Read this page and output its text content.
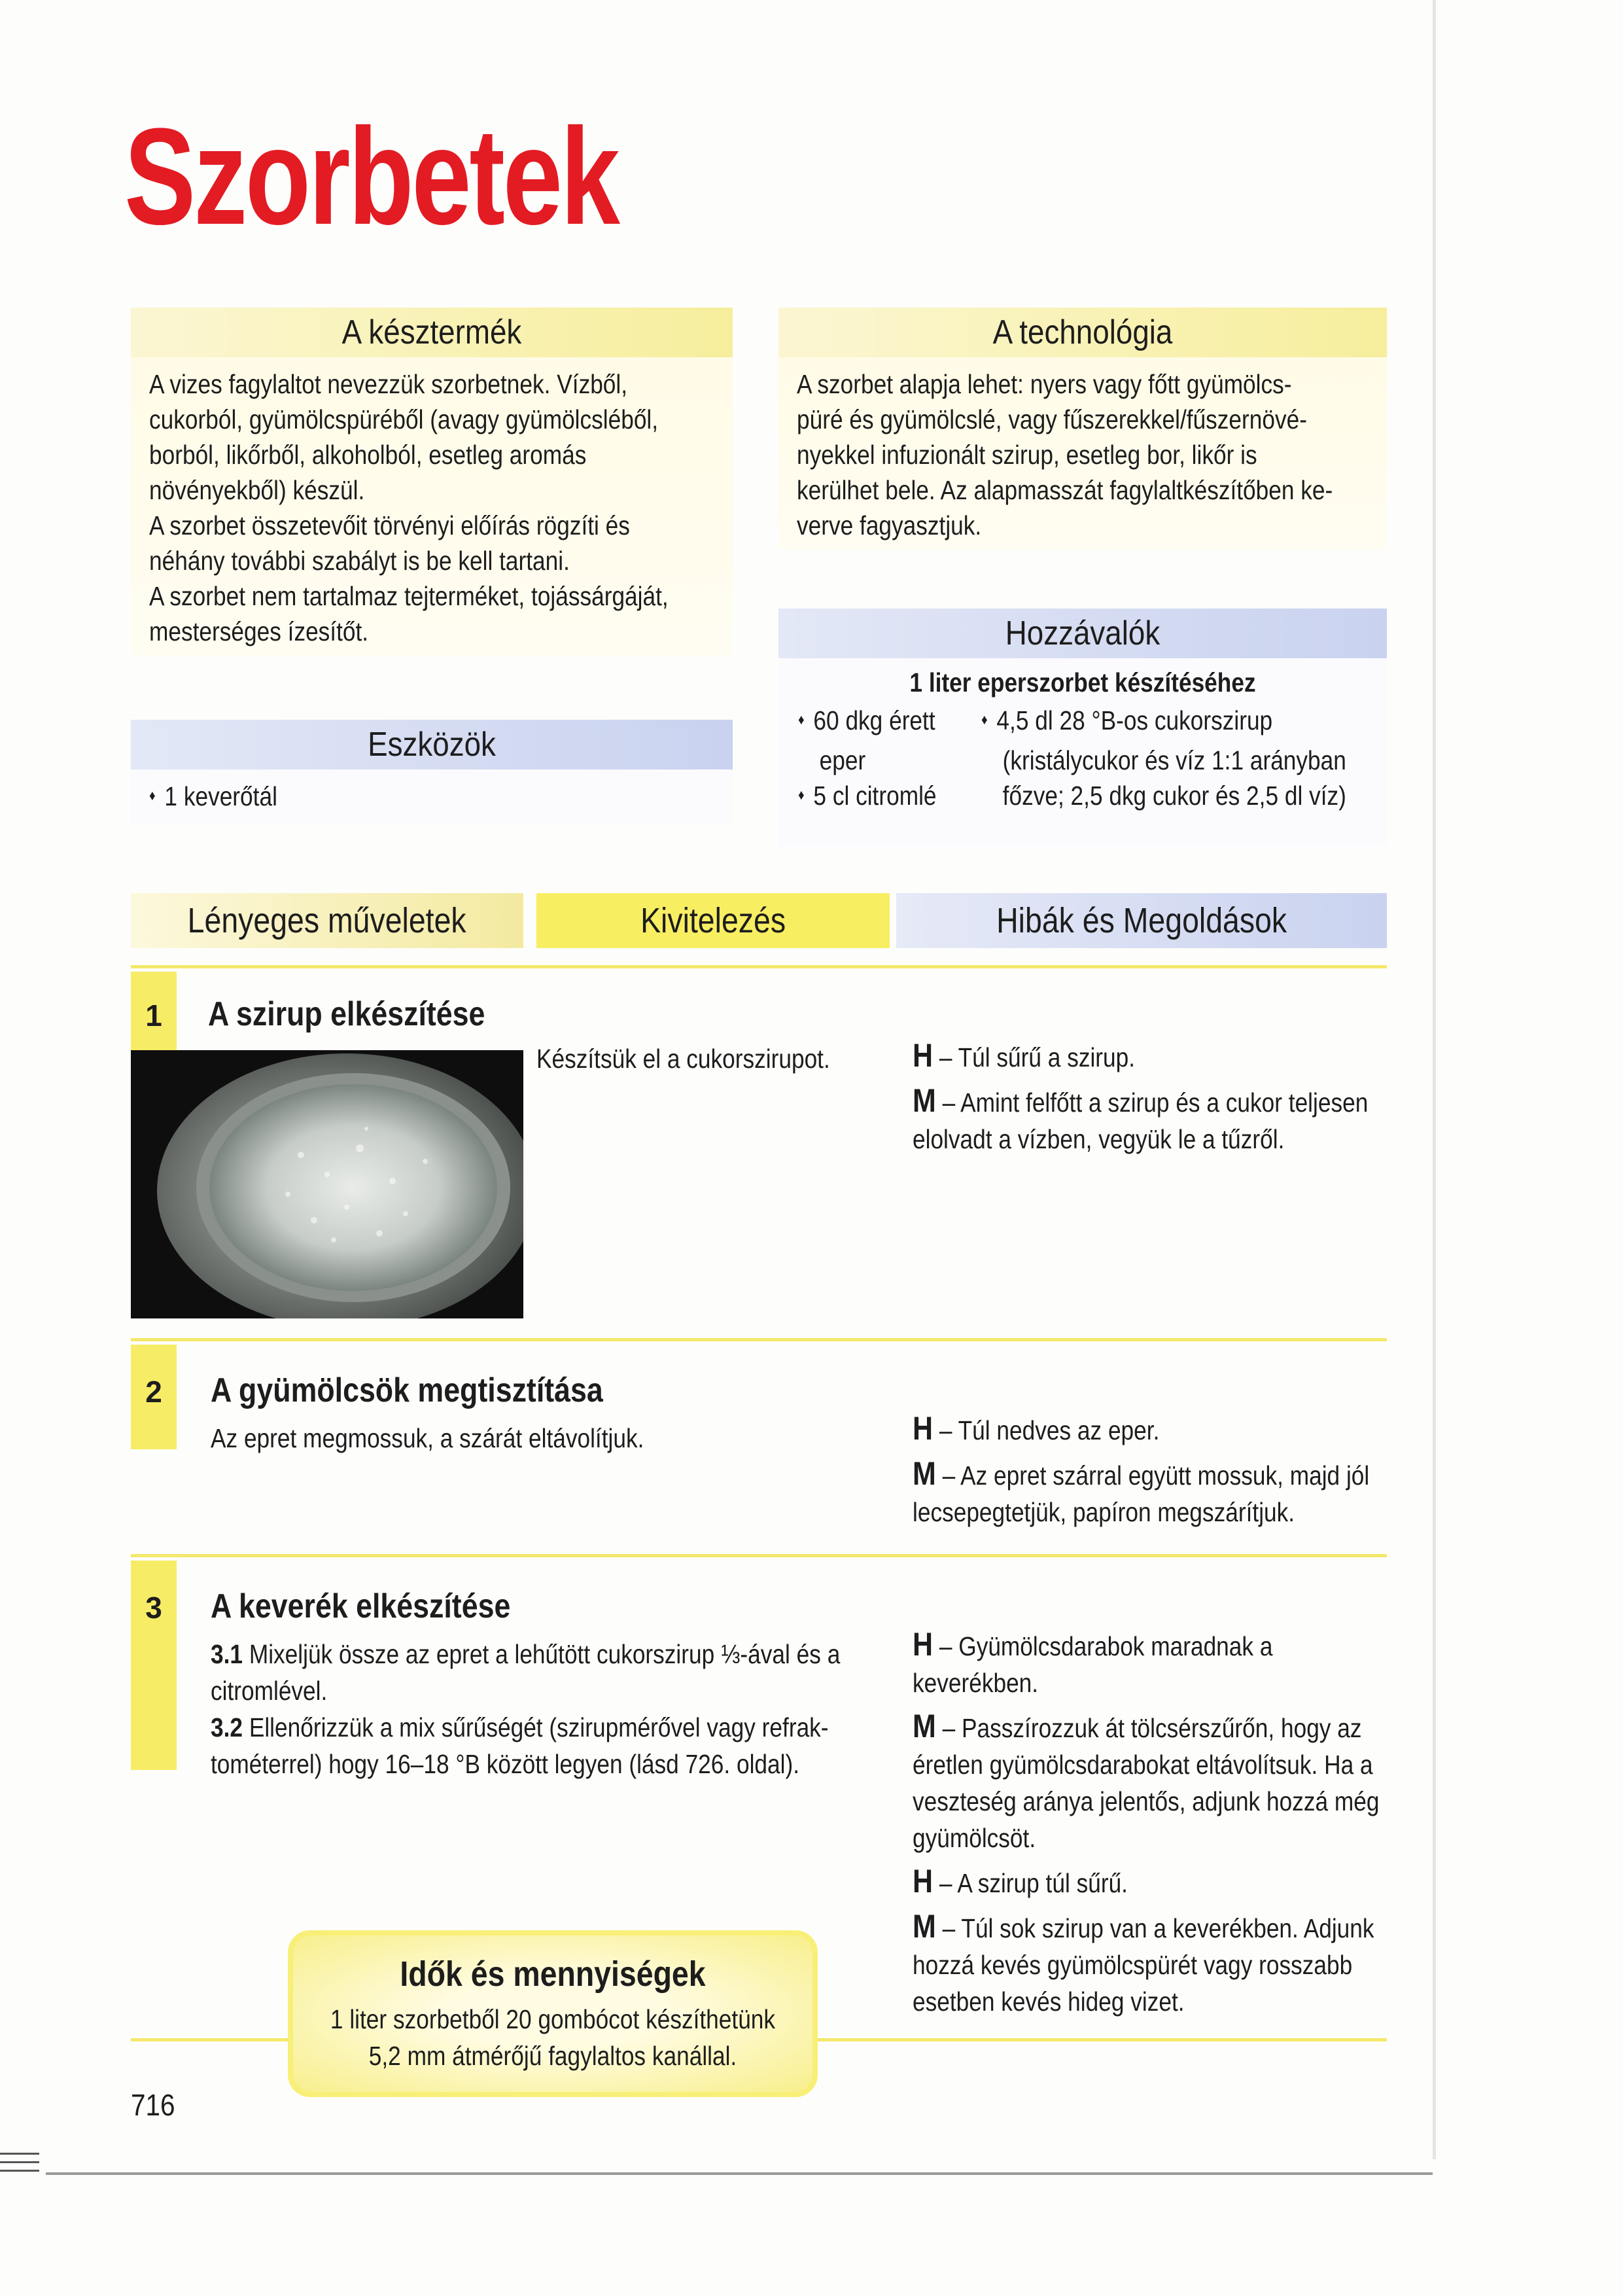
Szorbetek
A késztermék
A vizes fagylaltot nevezzük szorbetnek. Vízből,
cukorból, gyümölcspüréből (avagy gyümölcsléből,
borból, likőrből, alkoholból, esetleg aromás
növényekből) készül.
A szorbet összetevőit törvényi előírás rögzíti és
néhány további szabályt is be kell tartani.
A szorbet nem tartalmaz tejterméket, tojássárgáját,
mesterséges ízesítőt.
A technológia
A szorbet alapja lehet: nyers vagy főtt gyümölcs-
püré és gyümölcslé, vagy fűszerekkel/fűszernövé-
nyekkel infuzionált szirup, esetleg bor, likőr is
kerülhet bele. Az alapmasszát fagylaltkészítőben ke-
verve fagyasztjuk.
Eszközök
♦ 1 keverőtál
Hozzávalók
1 liter eperszorbet készítéséhez
♦ 60 dkg érett
eper
♦ 5 cl citromlé
♦ 4,5 dl 28 °B-os cukorszirup
(kristálycukor és víz 1:1 arányban
főzve; 2,5 dkg cukor és 2,5 dl víz)
Lényeges műveletek	Kivitelezés	Hibák és Megoldások
1	A szirup elkészítése
Készítsük el a cukorszirupot.	H – Túl sűrű a szirup.

M – Amint felfőtt a szirup és a cukor teljesen elolvadt a vízben, vegyük le a tűzről.

2	A gyümölcsök megtisztítása
Az epret megmossuk, a szárát eltávolítjuk.	H – Túl nedves az eper.

M – Az epret szárral együtt mossuk, majd jól lecsepegtetjük, papíron megszárítjuk.

3	A keverék elkészítése
3.1 Mixeljük össze az epret a lehűtött cukorszirup ⅓-ával és a citromlével.
3.2 Ellenőrizzük a mix sűrűségét (szirupmérővel vagy refrak-tométerrel) hogy 16–18 °B között legyen (lásd 726. oldal).

H – Gyümölcsdarabok maradnak a keverékben.

M – Passzírozzuk át tölcsérszűrőn, hogy az éretlen gyümölcsdarabokat eltávolítsuk. Ha a veszteség aránya jelentős, adjunk hozzá még gyümölcsöt.

H – A szirup túl sűrű.

M – Túl sok szirup van a keverékben. Adjunk hozzá kevés gyümölcspürét vagy rosszabb esetben kevés hideg vizet.

Idők és mennyiségek
1 liter szorbetből 20 gombócot készíthetünk
5,2 mm átmérőjű fagylaltos kanállal.
716
